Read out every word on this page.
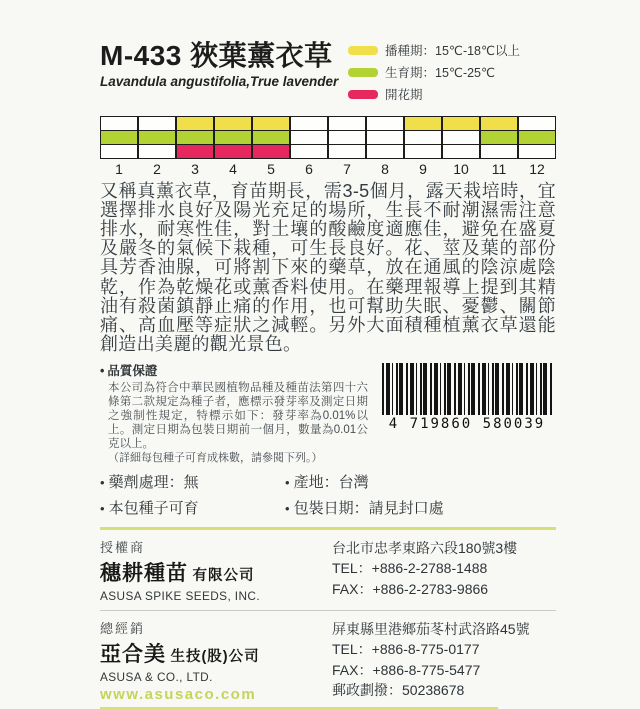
M-433 狹葉薰衣草
Lavandula angustifolia,True lavender
播種期：15℃-18℃以上
生育期：15℃-25℃
開花期
1	2	3	4	5	6	7	8	9	10	11	12
又稱真薰衣草，育苗期長，需3-5個月，露天栽培時，宜選擇排水良好及陽光充足的場所，生長不耐潮濕需注意排水，耐寒性佳，對土壤的酸鹼度適應佳，避免在盛夏及嚴冬的氣候下栽種，可生長良好。花、莖及葉的部份具芳香油腺，可將割下來的藥草，放在通風的陰涼處陰乾，作為乾燥花或薰香料使用。在藥理報導上提到其精油有殺菌鎮靜止痛的作用，也可幫助失眠、憂鬱、關節痛、高血壓等症狀之減輕。另外大面積種植薰衣草還能創造出美麗的觀光景色。
• 品質保證
本公司為符合中華民國植物品種及種苗法第四十六條第二款規定為種子者，應標示發芽率及測定日期之強制性規定，特標示如下：發芽率為0.01%以上。測定日期為包裝日期前一個月，數量為0.01公克以上。
（詳細每包種子可育成株數，請參閱下列。）
4 719860 580039
• 藥劑處理：無	• 產地：台灣
• 本包種子可育	• 包裝日期：請見封口處
授權商
穗耕種苗 有限公司
ASUSA SPIKE SEEDS, INC.
台北市忠孝東路六段180號3樓
TEL：+886-2-2788-1488
FAX：+886-2-2783-9866
總經銷
亞合美 生技(股)公司
ASUSA & CO., LTD.
www.asusaco.com
屏東縣里港鄉茄苳村武洛路45號
TEL：+886-8-775-0177
FAX：+886-8-775-5477
郵政劃撥：50238678
